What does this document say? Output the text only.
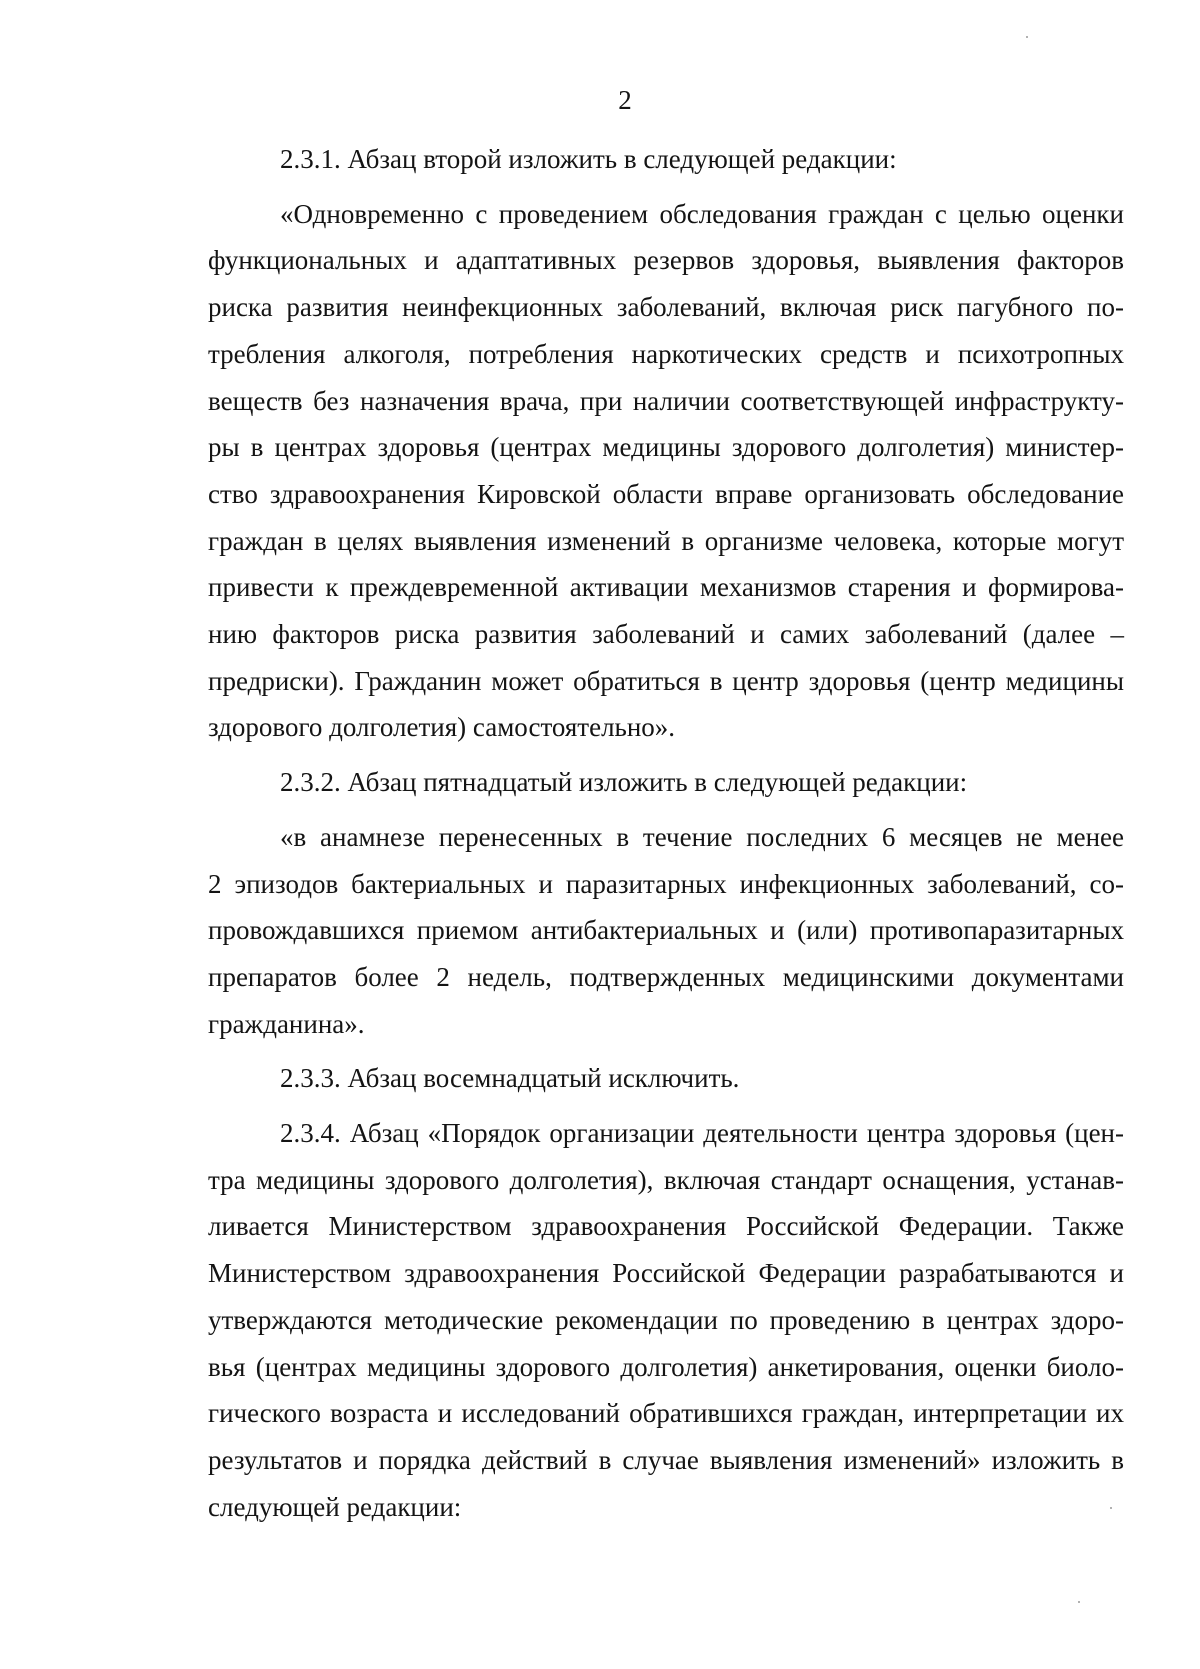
2

2.3.1. Абзац второй изложить в следующей редакции:

«Одновременно с проведением обследования граждан с целью оценки
функциональных и адаптативных резервов здоровья, выявления факторов
риска развития неинфекционных заболеваний, включая риск пагубного по-
требления алкоголя, потребления наркотических средств и психотропных
веществ без назначения врача, при наличии соответствующей инфраструкту-
ры в центрах здоровья (центрах медицины здорового долголетия) министер-
ство здравоохранения Кировской области вправе организовать обследование
граждан в целях выявления изменений в организме человека, которые могут
привести к преждевременной активации механизмов старения и формирова-
нию факторов риска развития заболеваний и самих заболеваний (далее –
предриски). Гражданин может обратиться в центр здоровья (центр медицины
здорового долголетия) самостоятельно».

2.3.2. Абзац пятнадцатый изложить в следующей редакции:

«в анамнезе перенесенных в течение последних 6 месяцев не менее
2 эпизодов бактериальных и паразитарных инфекционных заболеваний, со-
провождавшихся приемом антибактериальных и (или) противопаразитарных
препаратов более 2 недель, подтвержденных медицинскими документами
гражданина».

2.3.3. Абзац восемнадцатый исключить.

2.3.4. Абзац «Порядок организации деятельности центра здоровья (цен-
тра медицины здорового долголетия), включая стандарт оснащения, устанав-
ливается Министерством здравоохранения Российской Федерации. Также
Министерством здравоохранения Российской Федерации разрабатываются и
утверждаются методические рекомендации по проведению в центрах здоро-
вья (центрах медицины здорового долголетия) анкетирования, оценки биоло-
гического возраста и исследований обратившихся граждан, интерпретации их
результатов и порядка действий в случае выявления изменений» изложить в
следующей редакции:
